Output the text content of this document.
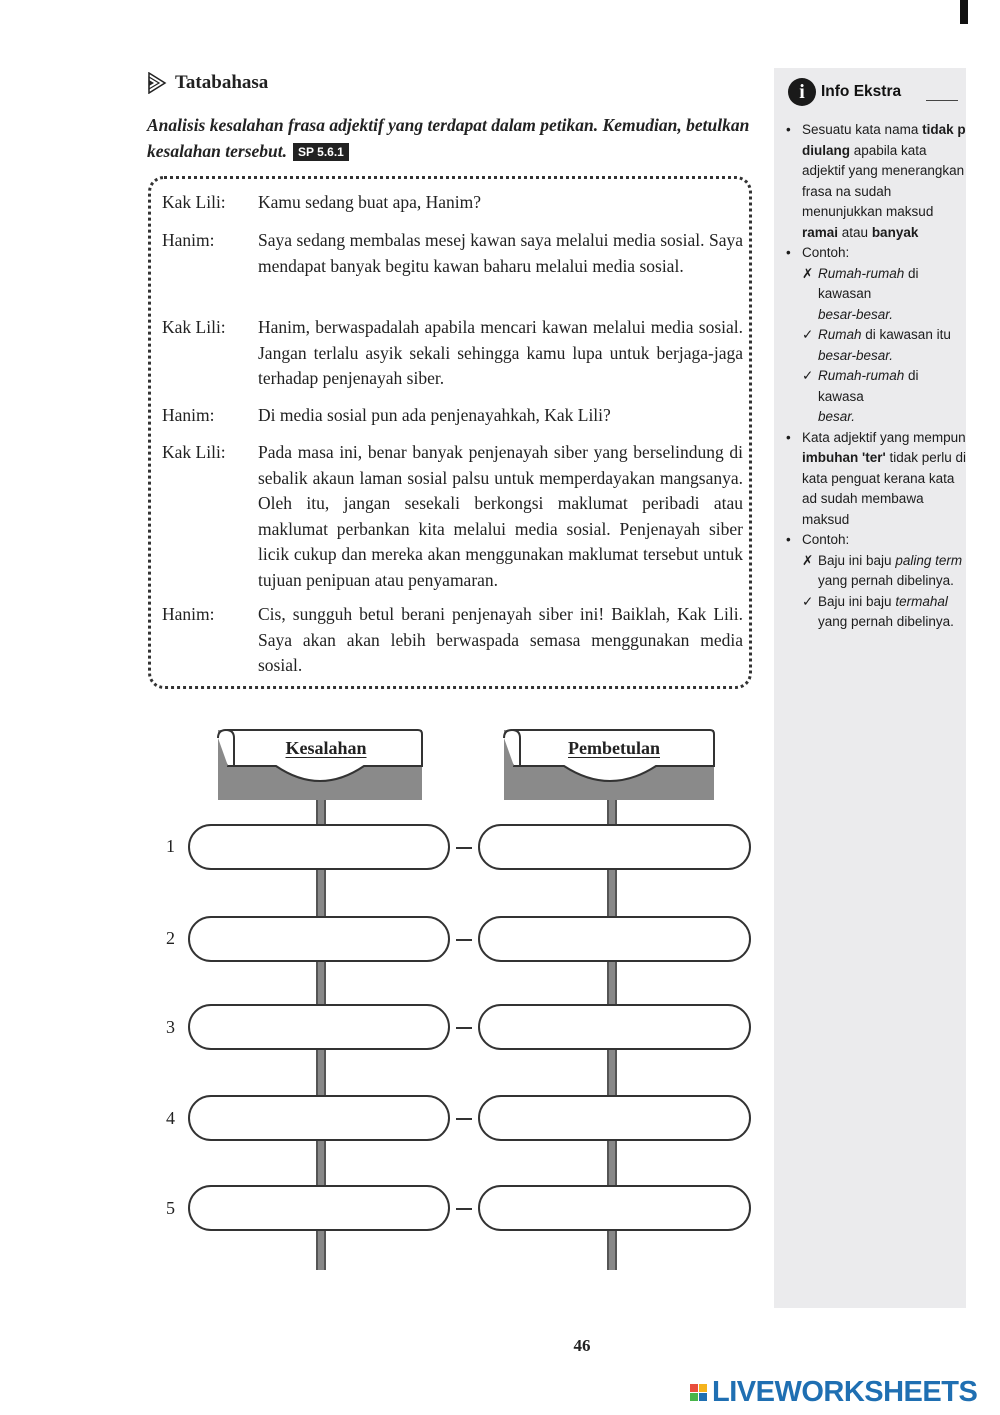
Tatabahasa
Analisis kesalahan frasa adjektif yang terdapat dalam petikan. Kemudian, betulkan kesalahan tersebut. SP 5.6.1
Kak Lili:	Kamu sedang buat apa, Hanim?
Hanim:	Saya sedang membalas mesej kawan saya melalui media sosial. Saya mendapat banyak begitu kawan baharu melalui media sosial.
Kak Lili:	Hanim, berwaspadalah apabila mencari kawan melalui media sosial. Jangan terlalu asyik sekali sehingga kamu lupa untuk berjaga-jaga terhadap penjenayah siber.
Hanim:	Di media sosial pun ada penjenayahkah, Kak Lili?
Kak Lili:	Pada masa ini, benar banyak penjenayah siber yang berselindung di sebalik akaun laman sosial palsu untuk memperdayakan mangsanya. Oleh itu, jangan sesekali berkongsi maklumat peribadi atau maklumat perbankan kita melalui media sosial. Penjenayah siber licik cukup dan mereka akan menggunakan maklumat tersebut untuk tujuan penipuan atau penyamaran.
Hanim:	Cis, sungguh betul berani penjenayah siber ini! Baiklah, Kak Lili. Saya akan akan lebih berwaspada semasa menggunakan media sosial.
i	Info Ekstra
• Sesuatu kata nama tidak p diulang apabila kata adjektif yang menerangkan frasa na sudah menunjukkan maksud ramai atau banyak

• Contoh:

✗ Rumah-rumah di kawasan

besar-besar.
✓ Rumah di kawasan itu

besar-besar.
✓ Rumah-rumah di kawasa

besar.
• Kata adjektif yang mempun imbuhan 'ter' tidak perlu di kata penguat kerana kata ad sudah membawa maksud

• Contoh:

✗ Baju ini baju paling term

yang pernah dibelinya.
✓ Baju ini baju termahal

yang pernah dibelinya.
Kesalahan	Pembetulan
1
2
3
4
5
46
LIVEWORKSHEETS
